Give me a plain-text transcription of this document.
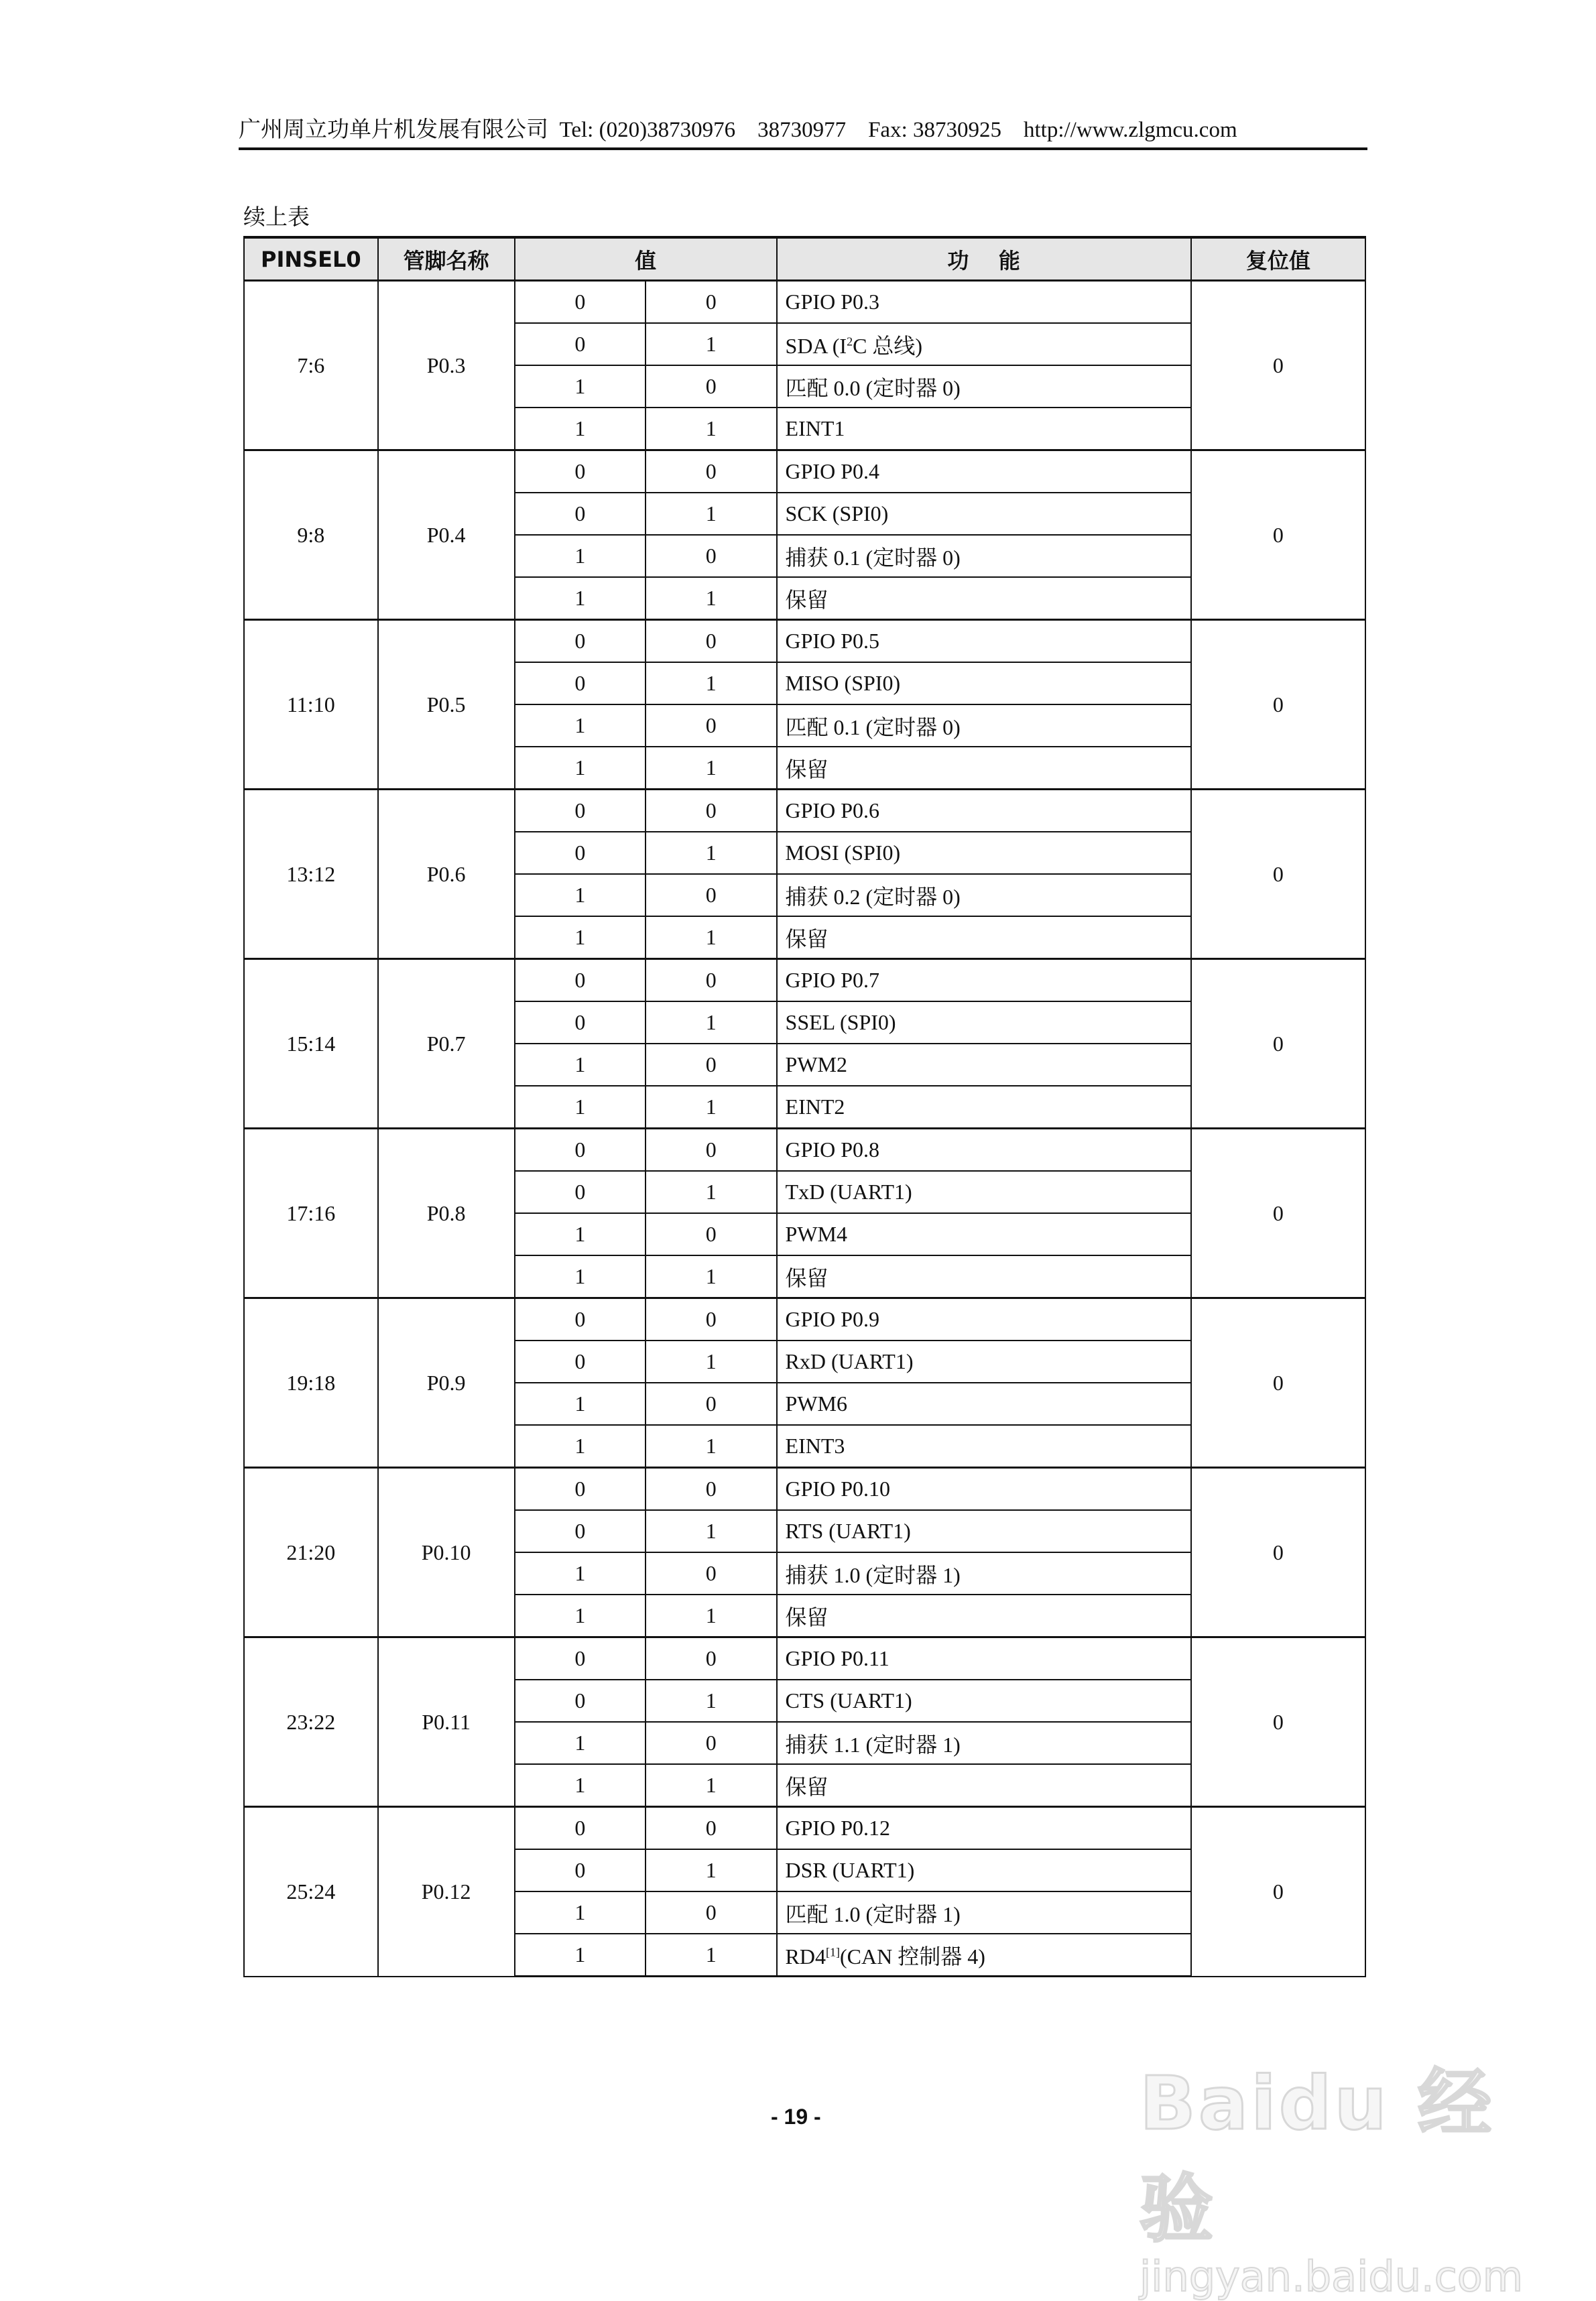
广州周立功单片机发展有限公司  Tel: (020)38730976    38730977    Fax: 38730925    http://www.zlgmcu.com
续上表
PINSEL0	管脚名称	值		功    能	复位值
7:6	P0.3	0	0	GPIO P0.3	0
		0	1	SDA ($I^2C$ 总线)	
		1	0	匹配 0.0 (定时器 0)	
		1	1	EINT1	
9:8	P0.4	0	0	GPIO P0.4	0
		0	1	SCK (SPI0)	
		1	0	捕获 0.1 (定时器 0)	
		1	1	保留	
11:10	P0.5	0	0	GPIO P0.5	0
		0	1	MISO (SPI0)	
		1	0	匹配 0.1 (定时器 0)	
		1	1	保留	
13:12	P0.6	0	0	GPIO P0.6	0
		0	1	MOSI (SPI0)	
		1	0	捕获 0.2 (定时器 0)	
		1	1	保留	
15:14	P0.7	0	0	GPIO P0.7	0
		0	1	SSEL (SPI0)	
		1	0	PWM2	
		1	1	EINT2	
17:16	P0.8	0	0	GPIO P0.8	0
		0	1	TxD (UART1)	
		1	0	PWM4	
		1	1	保留	
19:18	P0.9	0	0	GPIO P0.9	0
		0	1	RxD (UART1)	
		1	0	PWM6	
		1	1	EINT3	
21:20	P0.10	0	0	GPIO P0.10	0
		0	1	RTS (UART1)	
		1	0	捕获 1.0 (定时器 1)	
		1	1	保留	
23:22	P0.11	0	0	GPIO P0.11	0
		0	1	CTS (UART1)	
		1	0	捕获 1.1 (定时器 1)	
		1	1	保留	
25:24	P0.12	0	0	GPIO P0.12	0
		0	1	DSR (UART1)	
		1	0	匹配 1.0 (定时器 1)	
		1	1	RD4[1](CAN 控制器 4)	
- 19 -	Baidu 经验
jingyan.baidu.com
